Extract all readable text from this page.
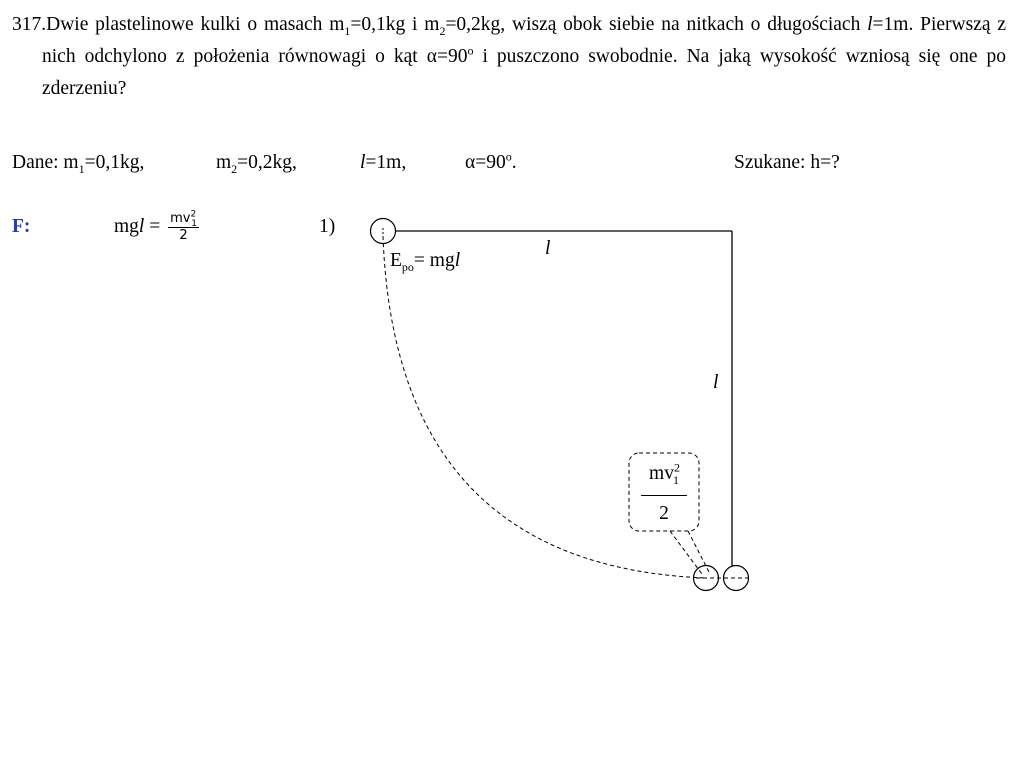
317.Dwie plastelinowe kulki o masach $m_1=0,1kg$ i $m_2=0,2kg$, wiszą obok siebie na nitkach o długościach l=1m. Pierwszą z nich odchylono z położenia równowagi o kąt $\alpha=90^o$ i puszczono swobodnie. Na jaką wysokość wzniosą się one po zderzeniu?
Dane: $m_1=0,1kg$,	$m_2=0,2kg$,	l=1m,	$\alpha=90^o$.	Szukane: h=?
F:	mgl = $\frac{mv^2_1}{2}$	1)
l
l
$E_{po}=$ mgl
$mv^2_1$
2
